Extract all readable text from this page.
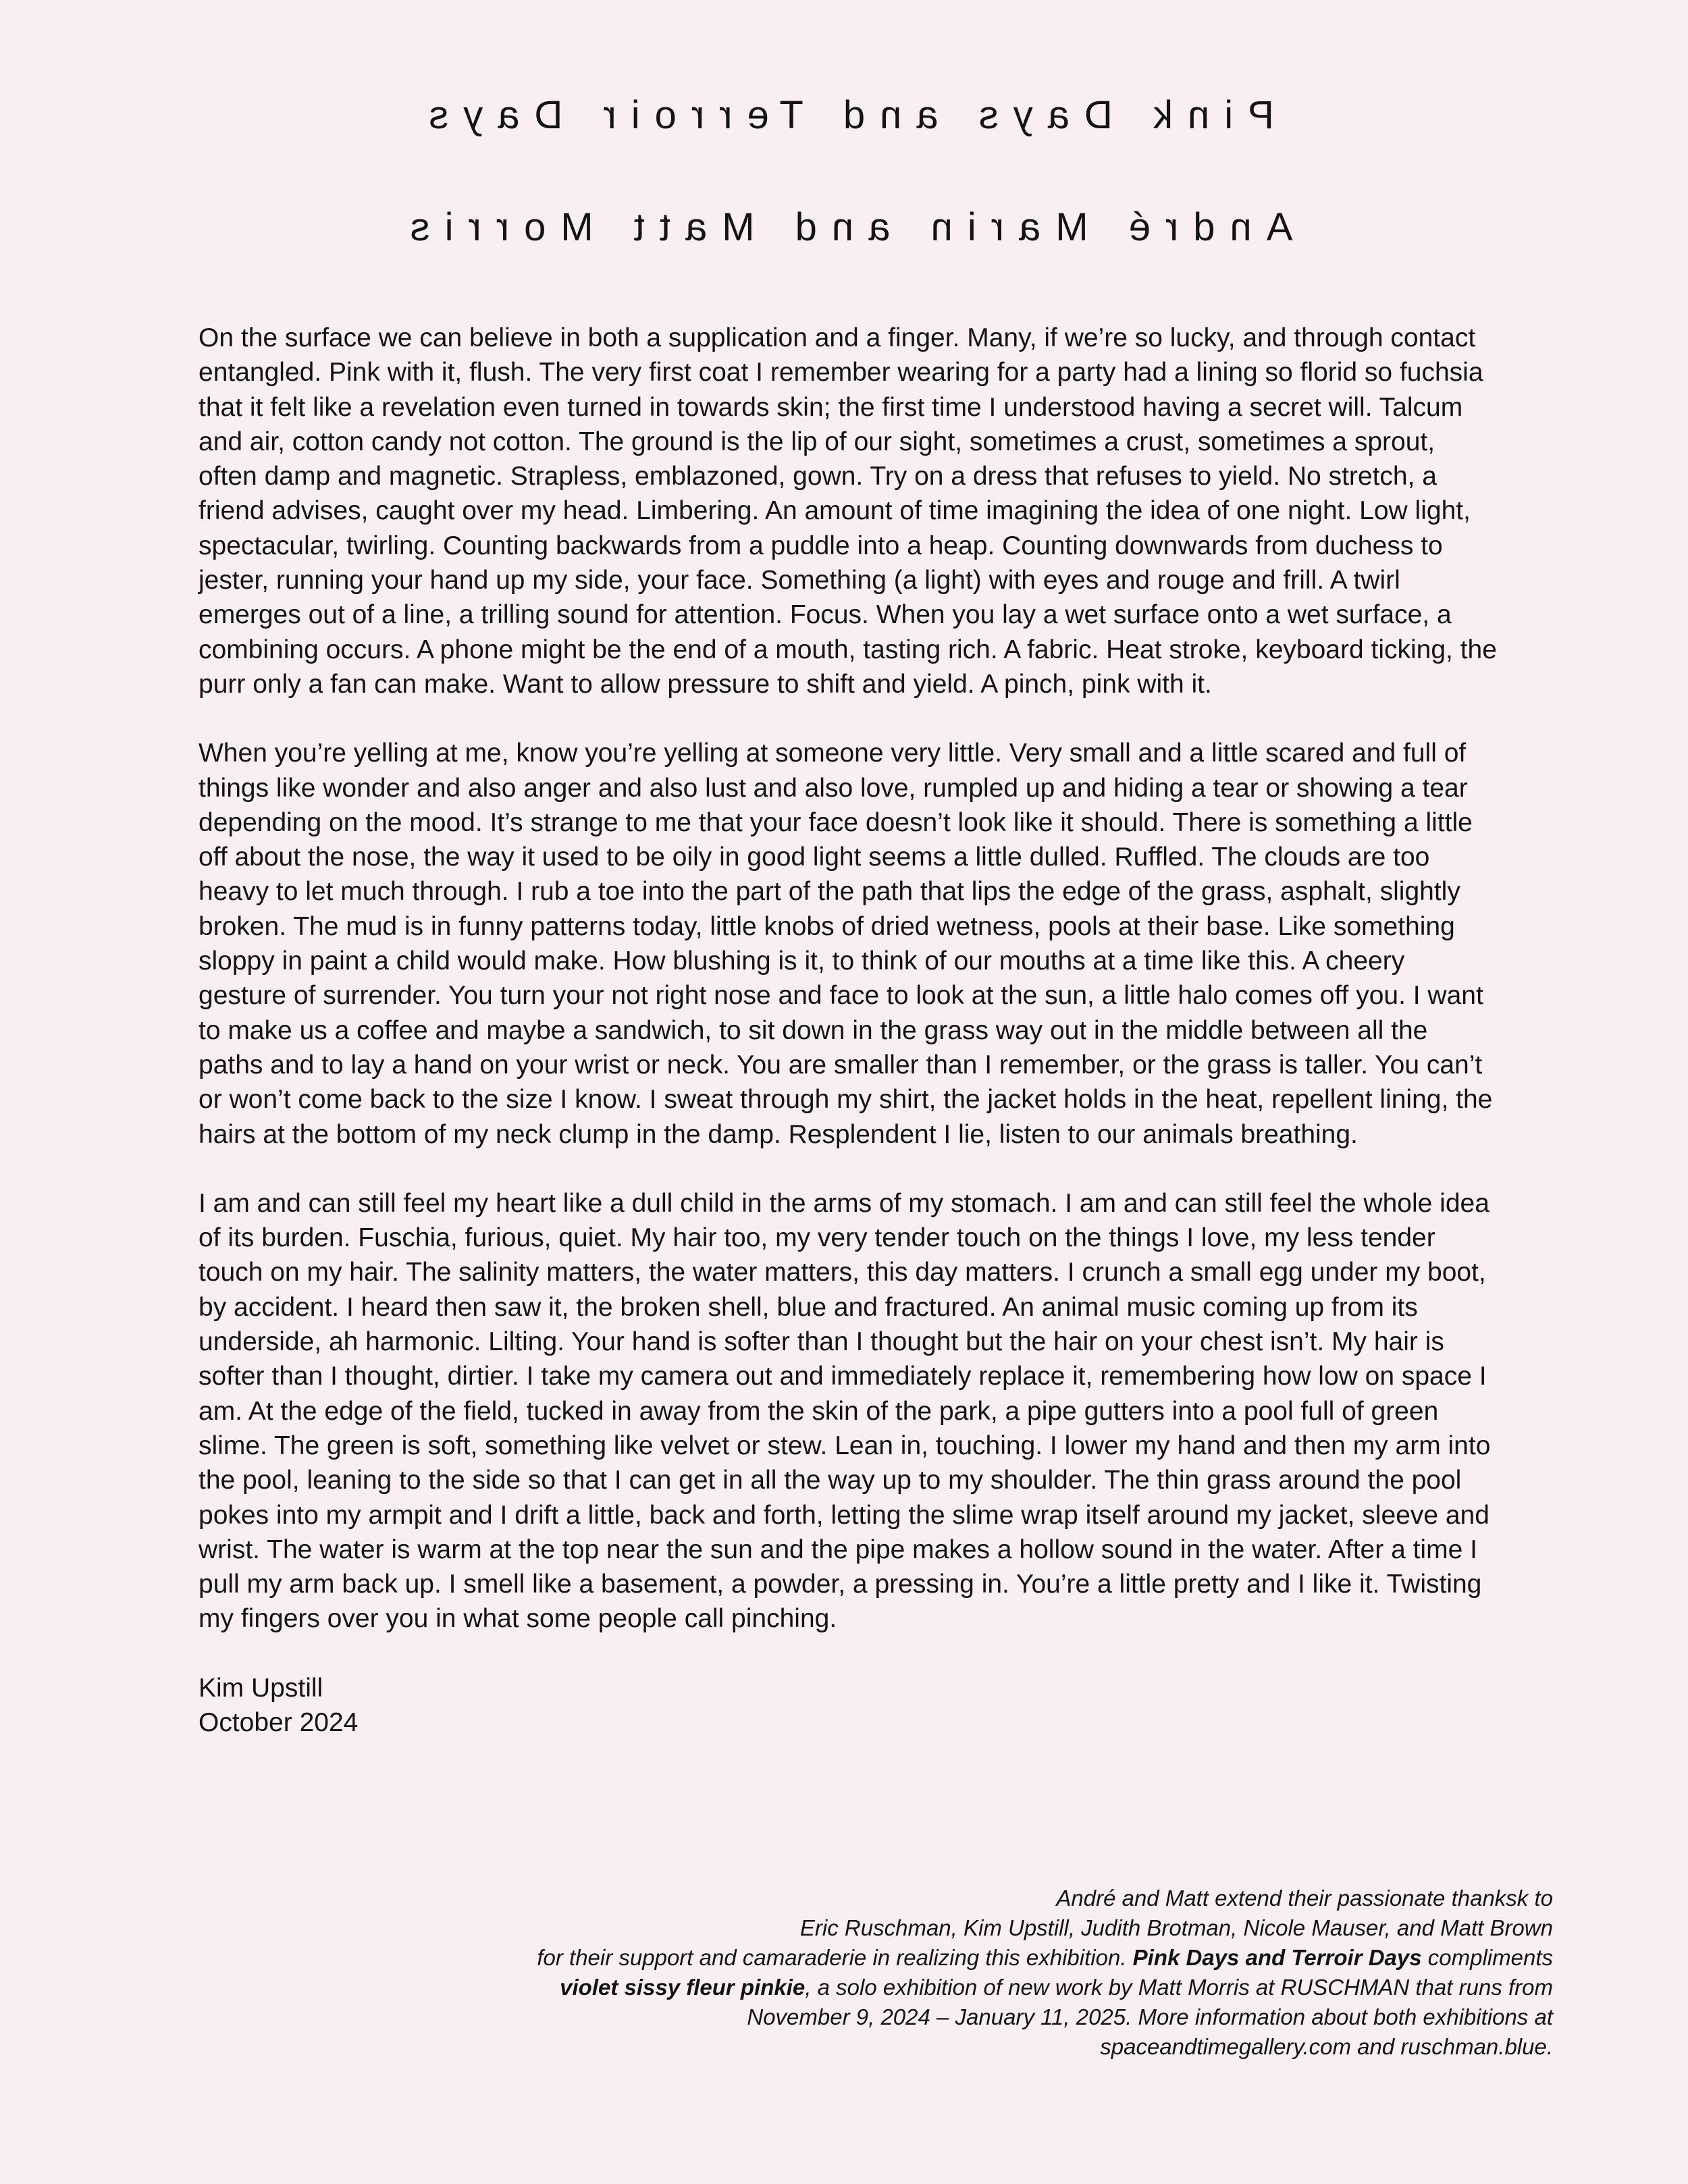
Pink Days and Terroir Days
André Marin and Matt Morris

On the surface we can believe in both a supplication and a finger. Many, if we’re so lucky, and through contact entangled. Pink with it, flush. The very first coat I remember wearing for a party had a lining so florid so fuchsia that it felt like a revelation even turned in towards skin; the first time I understood having a secret will. Talcum and air, cotton candy not cotton. The ground is the lip of our sight, sometimes a crust, sometimes a sprout, often damp and magnetic. Strapless, emblazoned, gown. Try on a dress that refuses to yield. No stretch, a friend advises, caught over my head. Limbering. An amount of time imagining the idea of one night. Low light, spectacular, twirling. Counting backwards from a puddle into a heap. Counting downwards from duchess to jester, running your hand up my side, your face. Something (a light) with eyes and rouge and frill. A twirl emerges out of a line, a trilling sound for attention. Focus. When you lay a wet surface onto a wet surface, a combining occurs. A phone might be the end of a mouth, tasting rich. A fabric. Heat stroke, keyboard ticking, the purr only a fan can make. Want to allow pressure to shift and yield. A pinch, pink with it.

When you’re yelling at me, know you’re yelling at someone very little. Very small and a little scared and full of things like wonder and also anger and also lust and also love, rumpled up and hiding a tear or showing a tear depending on the mood. It’s strange to me that your face doesn’t look like it should. There is something a little off about the nose, the way it used to be oily in good light seems a little dulled. Ruffled. The clouds are too heavy to let much through. I rub a toe into the part of the path that lips the edge of the grass, asphalt, slightly broken. The mud is in funny patterns today, little knobs of dried wetness, pools at their base. Like something sloppy in paint a child would make. How blushing is it, to think of our mouths at a time like this. A cheery gesture of surrender. You turn your not right nose and face to look at the sun, a little halo comes off you. I want to make us a coffee and maybe a sandwich, to sit down in the grass way out in the middle between all the paths and to lay a hand on your wrist or neck. You are smaller than I remember, or the grass is taller. You can’t or won’t come back to the size I know. I sweat through my shirt, the jacket holds in the heat, repellent lining, the hairs at the bottom of my neck clump in the damp. Resplendent I lie, listen to our animals breathing.

I am and can still feel my heart like a dull child in the arms of my stomach. I am and can still feel the whole idea of its burden. Fuschia, furious, quiet. My hair too, my very tender touch on the things I love, my less tender touch on my hair. The salinity matters, the water matters, this day matters. I crunch a small egg under my boot, by accident. I heard then saw it, the broken shell, blue and fractured. An animal music coming up from its underside, ah harmonic. Lilting. Your hand is softer than I thought but the hair on your chest isn’t. My hair is softer than I thought, dirtier. I take my camera out and immediately replace it, remembering how low on space I am. At the edge of the field, tucked in away from the skin of the park, a pipe gutters into a pool full of green slime. The green is soft, something like velvet or stew. Lean in, touching. I lower my hand and then my arm into the pool, leaning to the side so that I can get in all the way up to my shoulder. The thin grass around the pool pokes into my armpit and I drift a little, back and forth, letting the slime wrap itself around my jacket, sleeve and wrist. The water is warm at the top near the sun and the pipe makes a hollow sound in the water. After a time I pull my arm back up. I smell like a basement, a powder, a pressing in. You’re a little pretty and I like it. Twisting my fingers over you in what some people call pinching.

Kim Upstill
October 2024
André and Matt extend their passionate thanksk to
Eric Ruschman, Kim Upstill, Judith Brotman, Nicole Mauser, and Matt Brown
for their support and camaraderie in realizing this exhibition. Pink Days and Terroir Days compliments
violet sissy fleur pinkie, a solo exhibition of new work by Matt Morris at RUSCHMAN that runs from
November 9, 2024 – January 11, 2025. More information about both exhibitions at
spaceandtimegallery.com and ruschman.blue.
